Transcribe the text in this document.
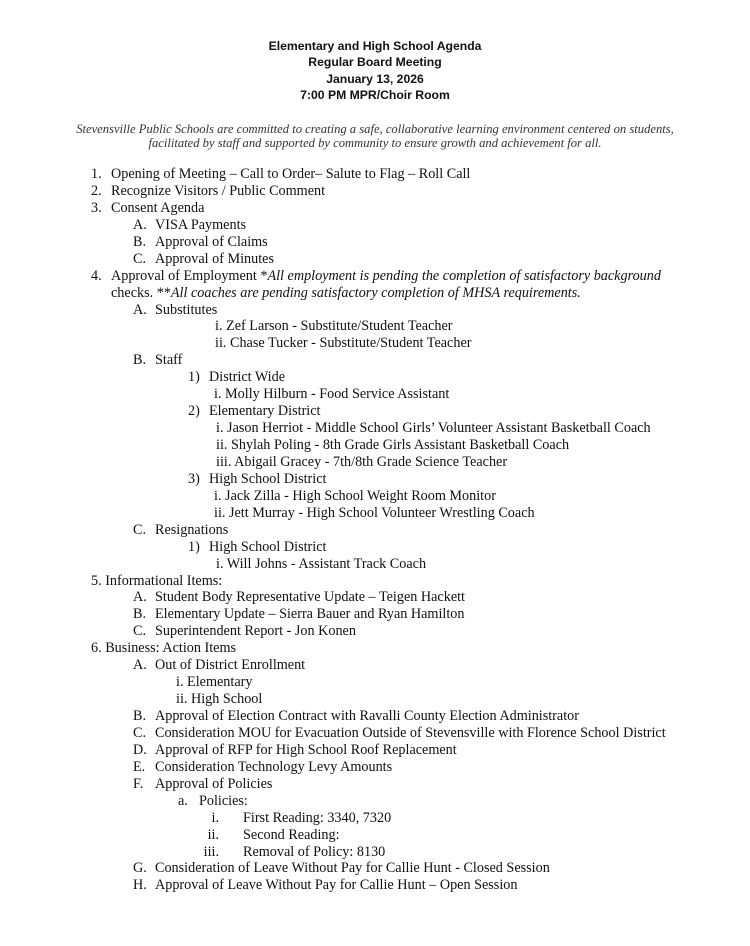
Elementary and High School Agenda
Regular Board Meeting
January 13, 2026
7:00 PM MPR/Choir Room
Stevensville Public Schools are committed to creating a safe, collaborative learning environment centered on students,
facilitated by staff and supported by community to ensure growth and achievement for all.
1. Opening of Meeting – Call to Order– Salute to Flag – Roll Call
2. Recognize Visitors / Public Comment
3. Consent Agenda
A. VISA Payments
B. Approval of Claims
C. Approval of Minutes
4. Approval of Employment *All employment is pending the completion of satisfactory background
checks. **All coaches are pending satisfactory completion of MHSA requirements.
A. Substitutes
i. Zef Larson - Substitute/Student Teacher
ii. Chase Tucker - Substitute/Student Teacher
B. Staff
1) District Wide
i. Molly Hilburn - Food Service Assistant
2) Elementary District
i. Jason Herriot - Middle School Girls’ Volunteer Assistant Basketball Coach
ii. Shylah Poling - 8th Grade Girls Assistant Basketball Coach
iii. Abigail Gracey - 7th/8th Grade Science Teacher
3) High School District
i. Jack Zilla - High School Weight Room Monitor
ii. Jett Murray - High School Volunteer Wrestling Coach
C. Resignations
1) High School District
i. Will Johns - Assistant Track Coach
5. Informational Items:
A. Student Body Representative Update – Teigen Hackett
B. Elementary Update – Sierra Bauer and Ryan Hamilton
C. Superintendent Report - Jon Konen
6. Business: Action Items
A. Out of District Enrollment
i. Elementary
ii. High School
B. Approval of Election Contract with Ravalli County Election Administrator
C. Consideration MOU for Evacuation Outside of Stevensville with Florence School District
D. Approval of RFP for High School Roof Replacement
E. Consideration Technology Levy Amounts
F. Approval of Policies
a. Policies:
i. First Reading: 3340, 7320
ii. Second Reading:
iii. Removal of Policy: 8130
G. Consideration of Leave Without Pay for Callie Hunt - Closed Session
H. Approval of Leave Without Pay for Callie Hunt – Open Session
